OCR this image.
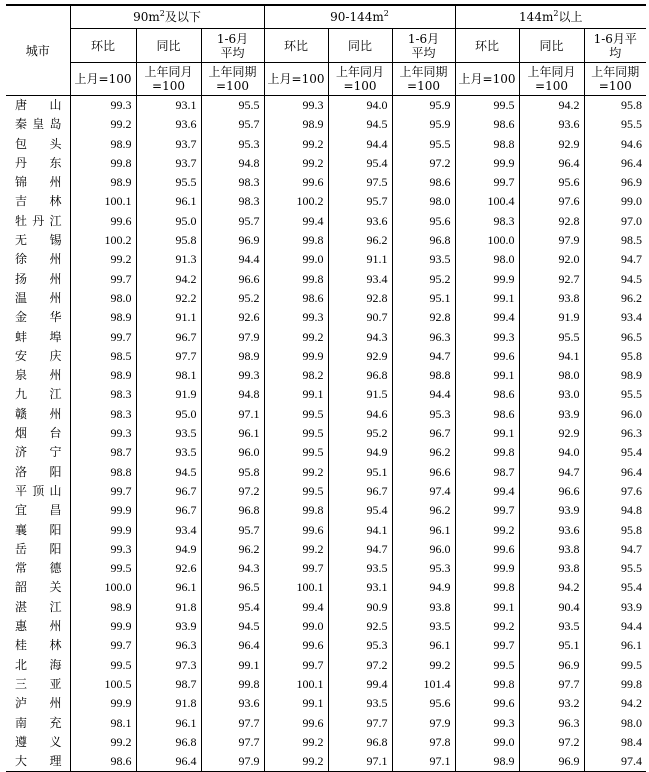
城市	$90m^2$及以下			$90-144m^2$			$144m^2$以上		
	环比	同比	1-6月平均	环比	同比	1-6月平均	环比	同比	1-6月平均
	上月=100	上年同月=100	上年同期=100	上月=100	上年同月=100	上年同期=100	上月=100	上年同月=100	上年同期=100
唐山	99.3	93.1	95.5	99.3	94.0	95.9	99.5	94.2	95.8
秦皇岛	99.2	93.6	95.7	98.9	94.5	95.9	98.6	93.6	95.5
包头	98.9	93.7	95.3	99.2	94.4	95.5	98.8	92.9	94.6
丹东	99.8	93.7	94.8	99.2	95.4	97.2	99.9	96.4	96.4
锦州	98.9	95.5	98.3	99.6	97.5	98.6	99.7	95.6	96.9
吉林	100.1	96.1	98.3	100.2	95.7	98.0	100.4	97.6	99.0
牡丹江	99.6	95.0	95.7	99.4	93.6	95.6	98.3	92.8	97.0
无锡	100.2	95.8	96.9	99.8	96.2	96.8	100.0	97.9	98.5
徐州	99.2	91.3	94.4	99.0	91.1	93.5	98.0	92.0	94.7
扬州	99.7	94.2	96.6	99.8	93.4	95.2	99.9	92.7	94.5
温州	98.0	92.2	95.2	98.6	92.8	95.1	99.1	93.8	96.2
金华	98.9	91.1	92.6	99.3	90.7	92.8	99.4	91.9	93.4
蚌埠	99.7	96.7	97.9	99.2	94.3	96.3	99.3	95.5	96.5
安庆	98.5	97.7	98.9	99.9	92.9	94.7	99.6	94.1	95.8
泉州	98.9	98.1	99.3	98.2	96.8	98.8	99.1	98.0	98.9
九江	98.3	91.9	94.8	99.1	91.5	94.4	98.6	93.0	95.5
赣州	98.3	95.0	97.1	99.5	94.6	95.3	98.6	93.9	96.0
烟台	99.3	93.5	96.1	99.5	95.2	96.7	99.1	92.9	96.3
济宁	98.7	93.5	96.0	99.5	94.9	96.2	99.8	94.0	95.4
洛阳	98.8	94.5	95.8	99.2	95.1	96.6	98.7	94.7	96.4
平顶山	99.7	96.7	97.2	99.5	96.7	97.4	99.4	96.6	97.6
宜昌	99.9	96.7	96.8	99.8	95.4	96.2	99.7	93.9	94.8
襄阳	99.9	93.4	95.7	99.6	94.1	96.1	99.2	93.6	95.8
岳阳	99.3	94.9	96.2	99.2	94.7	96.0	99.6	93.8	94.7
常德	99.5	92.6	94.3	99.7	93.5	95.3	99.9	93.8	95.5
韶关	100.0	96.1	96.5	100.1	93.1	94.9	99.8	94.2	95.4
湛江	98.9	91.8	95.4	99.4	90.9	93.8	99.1	90.4	93.9
惠州	99.9	93.9	94.5	99.0	92.5	93.5	99.2	93.5	94.4
桂林	99.7	96.3	96.4	99.6	95.3	96.1	99.7	95.1	96.1
北海	99.5	97.3	99.1	99.7	97.2	99.2	99.5	96.9	99.5
三亚	100.5	98.7	99.8	100.1	99.4	101.4	99.8	97.7	99.8
泸州	99.9	91.8	93.6	99.1	93.5	95.6	99.6	93.2	94.2
南充	98.1	96.1	97.7	99.6	97.7	97.9	99.3	96.3	98.0
遵义	99.2	96.8	97.7	99.2	96.8	97.8	99.0	97.2	98.4
大理	98.6	96.4	97.9	99.2	97.1	97.1	98.9	96.9	97.4
